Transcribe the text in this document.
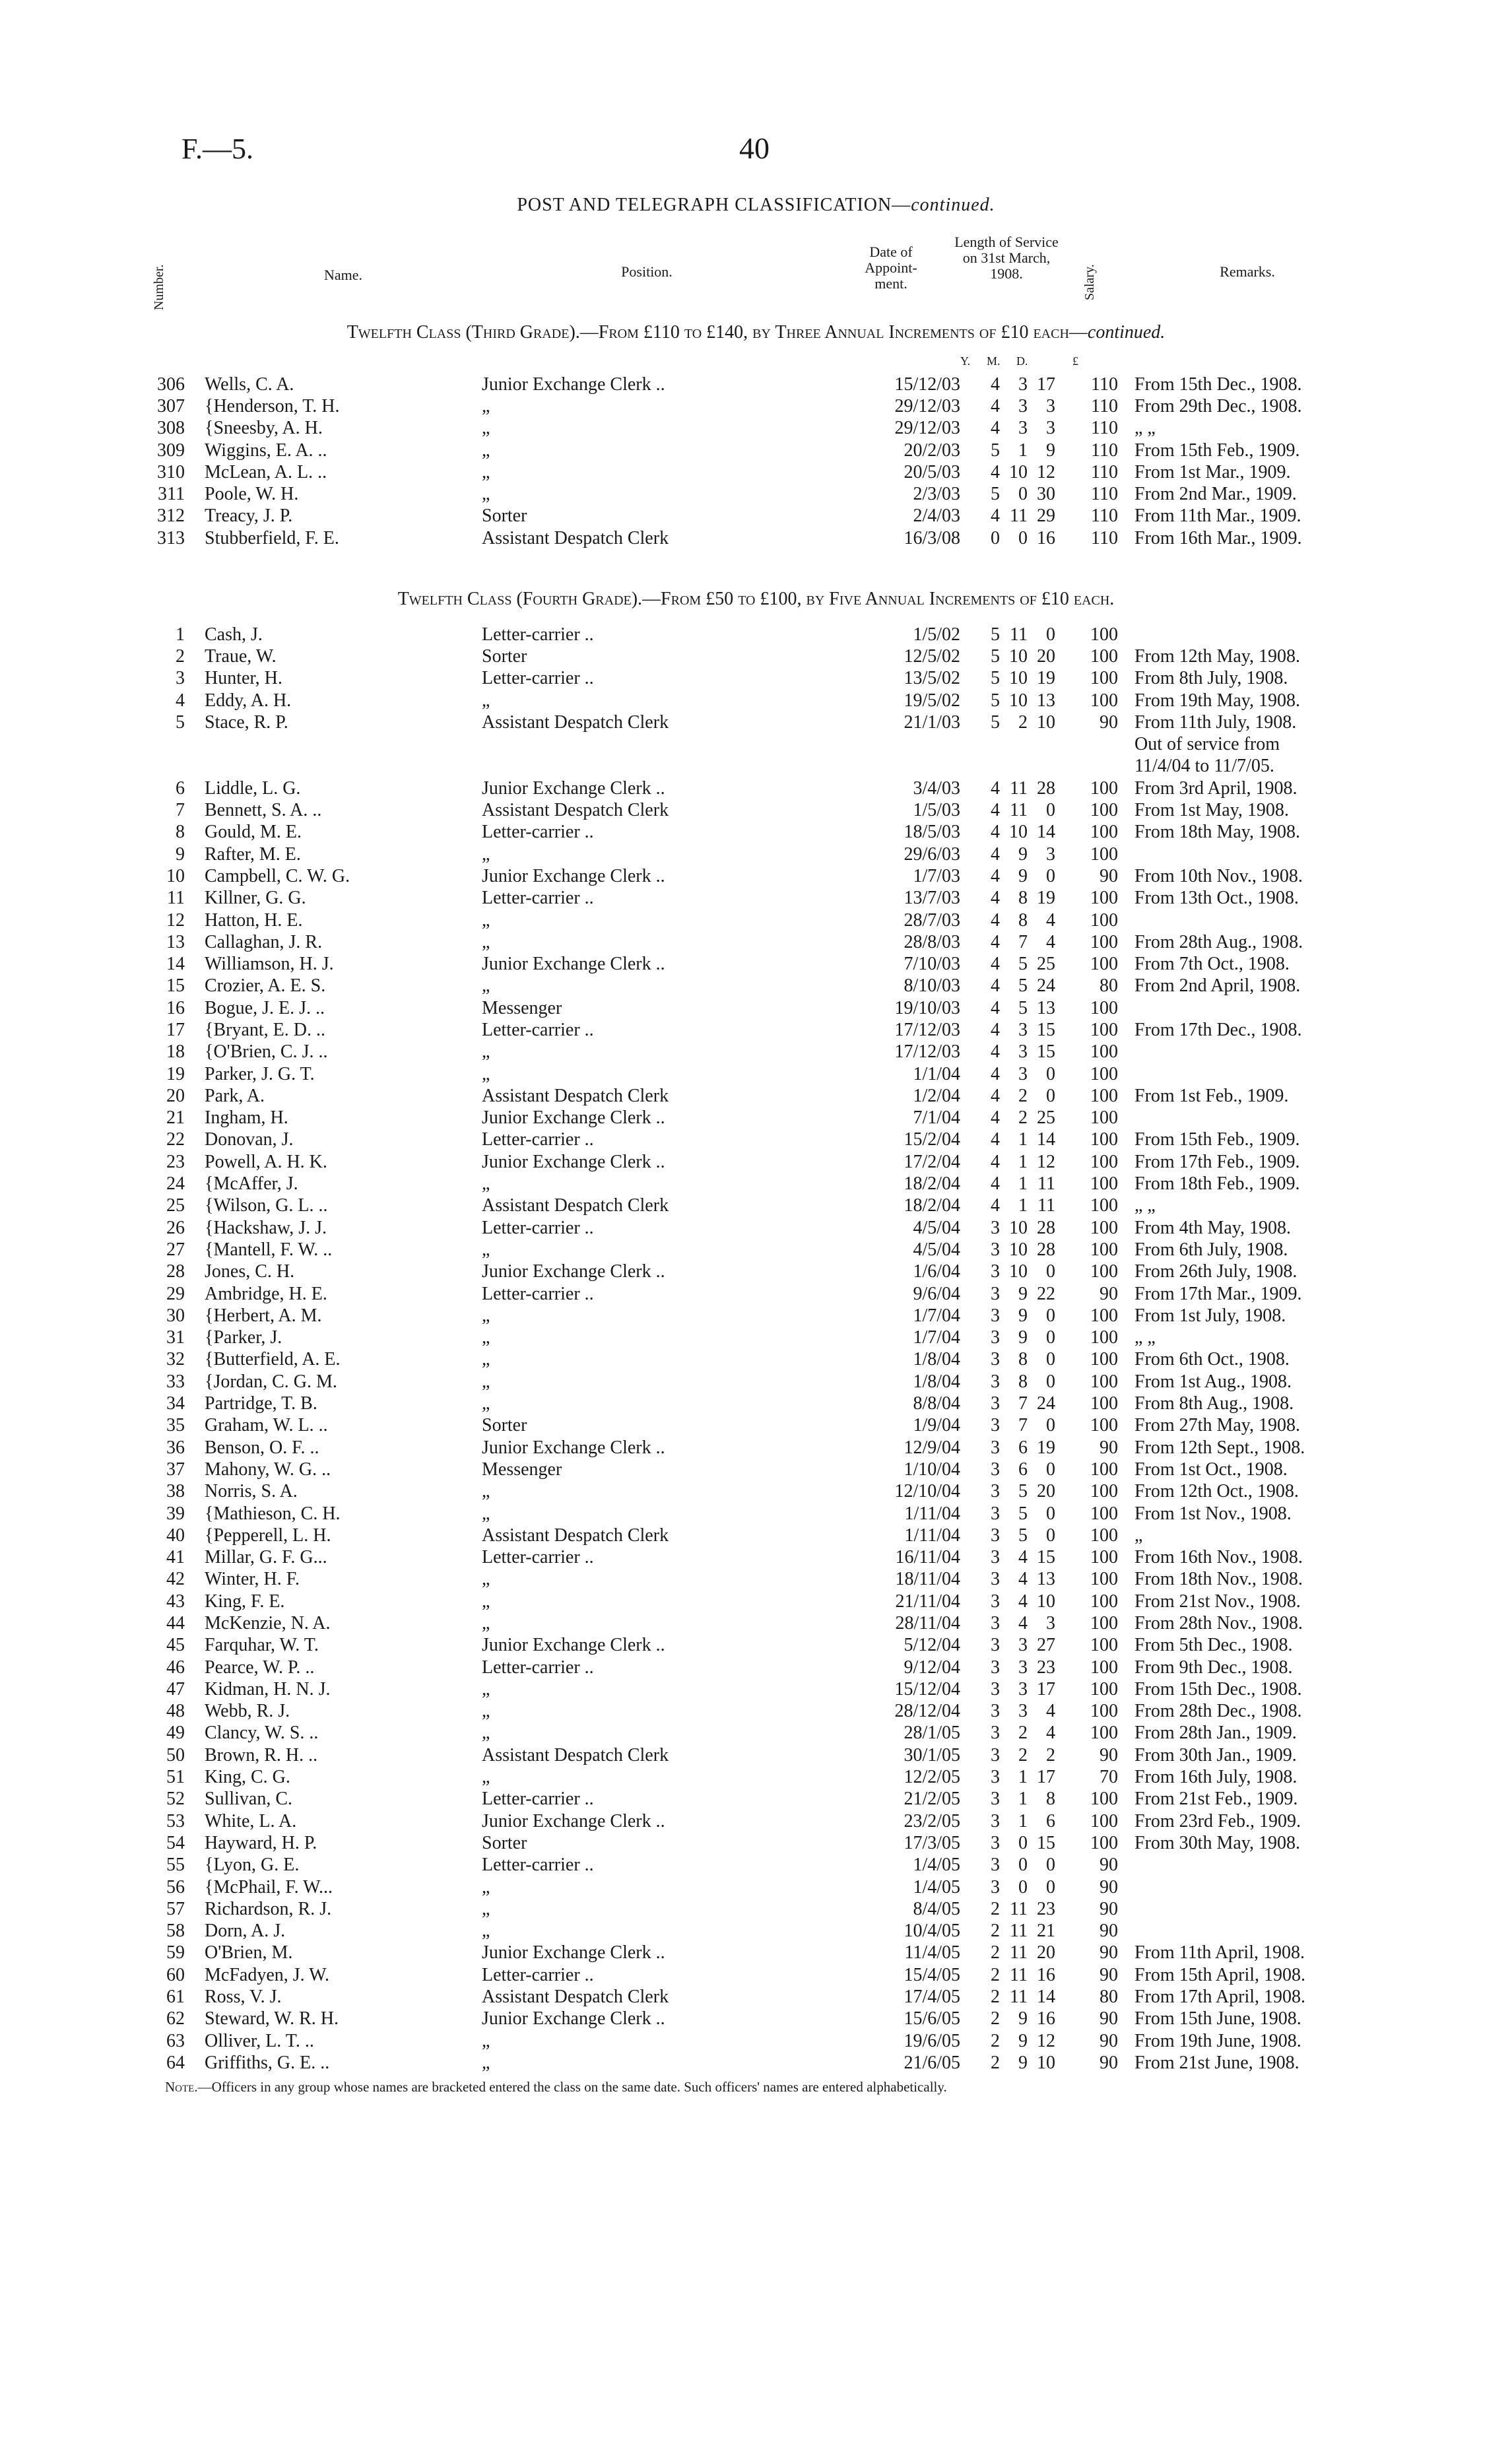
F.—5.	40
POST AND TELEGRAPH CLASSIFICATION—continued.
Number.	Name.	Position.
Date of Appoint-ment.
Length of Service on 31st March, 1908.	Salary.	Remarks.
Twelfth Class (Third Grade).—From £110 to £140, by Three Annual Increments of £10 each—continued.
Y. M. D.	£
306	Wells, C. A.	Junior Exchange Clerk ..	15/12/03	4	3	17	110	From 15th Dec., 1908.
307	{Henderson, T. H.	„	29/12/03	4	3	3	110	From 29th Dec., 1908.
308	{Sneesby, A. H.	„	29/12/03	4	3	3	110	„ „
309	Wiggins, E. A. ..	„	20/2/03	5	1	9	110	From 15th Feb., 1909.
310	McLean, A. L. ..	„	20/5/03	4	10	12	110	From 1st Mar., 1909.
311	Poole, W. H.	„	2/3/03	5	0	30	110	From 2nd Mar., 1909.
312	Treacy, J. P.	Sorter	2/4/03	4	11	29	110	From 11th Mar., 1909.
313	Stubberfield, F. E.	Assistant Despatch Clerk	16/3/08	0	0	16	110	From 16th Mar., 1909.
Twelfth Class (Fourth Grade).—From £50 to £100, by Five Annual Increments of £10 each.
1	Cash, J.	Letter-carrier ..	1/5/02	5	11	0	100	
2	Traue, W.	Sorter	12/5/02	5	10	20	100	From 12th May, 1908.
3	Hunter, H.	Letter-carrier ..	13/5/02	5	10	19	100	From 8th July, 1908.
4	Eddy, A. H.	„	19/5/02	5	10	13	100	From 19th May, 1908.
5	Stace, R. P.	Assistant Despatch Clerk	21/1/03	5	2	10	90	From 11th July, 1908.
								Out of service from
								11/4/04 to 11/7/05.
6	Liddle, L. G.	Junior Exchange Clerk ..	3/4/03	4	11	28	100	From 3rd April, 1908.
7	Bennett, S. A. ..	Assistant Despatch Clerk	1/5/03	4	11	0	100	From 1st May, 1908.
8	Gould, M. E.	Letter-carrier ..	18/5/03	4	10	14	100	From 18th May, 1908.
9	Rafter, M. E.	„	29/6/03	4	9	3	100	
10	Campbell, C. W. G.	Junior Exchange Clerk ..	1/7/03	4	9	0	90	From 10th Nov., 1908.
11	Killner, G. G.	Letter-carrier ..	13/7/03	4	8	19	100	From 13th Oct., 1908.
12	Hatton, H. E.	„	28/7/03	4	8	4	100	
13	Callaghan, J. R.	„	28/8/03	4	7	4	100	From 28th Aug., 1908.
14	Williamson, H. J.	Junior Exchange Clerk ..	7/10/03	4	5	25	100	From 7th Oct., 1908.
15	Crozier, A. E. S.	„	8/10/03	4	5	24	80	From 2nd April, 1908.
16	Bogue, J. E. J. ..	Messenger	19/10/03	4	5	13	100	
17	{Bryant, E. D. ..	Letter-carrier ..	17/12/03	4	3	15	100	From 17th Dec., 1908.
18	{O'Brien, C. J. ..	„	17/12/03	4	3	15	100	
19	Parker, J. G. T.	„	1/1/04	4	3	0	100	
20	Park, A.	Assistant Despatch Clerk	1/2/04	4	2	0	100	From 1st Feb., 1909.
21	Ingham, H.	Junior Exchange Clerk ..	7/1/04	4	2	25	100	
22	Donovan, J.	Letter-carrier ..	15/2/04	4	1	14	100	From 15th Feb., 1909.
23	Powell, A. H. K.	Junior Exchange Clerk ..	17/2/04	4	1	12	100	From 17th Feb., 1909.
24	{McAffer, J.	„	18/2/04	4	1	11	100	From 18th Feb., 1909.
25	{Wilson, G. L. ..	Assistant Despatch Clerk	18/2/04	4	1	11	100	„ „
26	{Hackshaw, J. J.	Letter-carrier ..	4/5/04	3	10	28	100	From 4th May, 1908.
27	{Mantell, F. W. ..	„	4/5/04	3	10	28	100	From 6th July, 1908.
28	Jones, C. H.	Junior Exchange Clerk ..	1/6/04	3	10	0	100	From 26th July, 1908.
29	Ambridge, H. E.	Letter-carrier ..	9/6/04	3	9	22	90	From 17th Mar., 1909.
30	{Herbert, A. M.	„	1/7/04	3	9	0	100	From 1st July, 1908.
31	{Parker, J.	„	1/7/04	3	9	0	100	„ „
32	{Butterfield, A. E.	„	1/8/04	3	8	0	100	From 6th Oct., 1908.
33	{Jordan, C. G. M.	„	1/8/04	3	8	0	100	From 1st Aug., 1908.
34	Partridge, T. B.	„	8/8/04	3	7	24	100	From 8th Aug., 1908.
35	Graham, W. L. ..	Sorter	1/9/04	3	7	0	100	From 27th May, 1908.
36	Benson, O. F. ..	Junior Exchange Clerk ..	12/9/04	3	6	19	90	From 12th Sept., 1908.
37	Mahony, W. G. ..	Messenger	1/10/04	3	6	0	100	From 1st Oct., 1908.
38	Norris, S. A.	„	12/10/04	3	5	20	100	From 12th Oct., 1908.
39	{Mathieson, C. H.	„	1/11/04	3	5	0	100	From 1st Nov., 1908.
40	{Pepperell, L. H.	Assistant Despatch Clerk	1/11/04	3	5	0	100	„
41	Millar, G. F. G...	Letter-carrier ..	16/11/04	3	4	15	100	From 16th Nov., 1908.
42	Winter, H. F.	„	18/11/04	3	4	13	100	From 18th Nov., 1908.
43	King, F. E.	„	21/11/04	3	4	10	100	From 21st Nov., 1908.
44	McKenzie, N. A.	„	28/11/04	3	4	3	100	From 28th Nov., 1908.
45	Farquhar, W. T.	Junior Exchange Clerk ..	5/12/04	3	3	27	100	From 5th Dec., 1908.
46	Pearce, W. P. ..	Letter-carrier ..	9/12/04	3	3	23	100	From 9th Dec., 1908.
47	Kidman, H. N. J.	„	15/12/04	3	3	17	100	From 15th Dec., 1908.
48	Webb, R. J.	„	28/12/04	3	3	4	100	From 28th Dec., 1908.
49	Clancy, W. S. ..	„	28/1/05	3	2	4	100	From 28th Jan., 1909.
50	Brown, R. H. ..	Assistant Despatch Clerk	30/1/05	3	2	2	90	From 30th Jan., 1909.
51	King, C. G.	„	12/2/05	3	1	17	70	From 16th July, 1908.
52	Sullivan, C.	Letter-carrier ..	21/2/05	3	1	8	100	From 21st Feb., 1909.
53	White, L. A.	Junior Exchange Clerk ..	23/2/05	3	1	6	100	From 23rd Feb., 1909.
54	Hayward, H. P.	Sorter	17/3/05	3	0	15	100	From 30th May, 1908.
55	{Lyon, G. E.	Letter-carrier ..	1/4/05	3	0	0	90	
56	{McPhail, F. W...	„	1/4/05	3	0	0	90	
57	Richardson, R. J.	„	8/4/05	2	11	23	90	
58	Dorn, A. J.	„	10/4/05	2	11	21	90	
59	O'Brien, M.	Junior Exchange Clerk ..	11/4/05	2	11	20	90	From 11th April, 1908.
60	McFadyen, J. W.	Letter-carrier ..	15/4/05	2	11	16	90	From 15th April, 1908.
61	Ross, V. J.	Assistant Despatch Clerk	17/4/05	2	11	14	80	From 17th April, 1908.
62	Steward, W. R. H.	Junior Exchange Clerk ..	15/6/05	2	9	16	90	From 15th June, 1908.
63	Olliver, L. T. ..	„	19/6/05	2	9	12	90	From 19th June, 1908.
64	Griffiths, G. E. ..	„	21/6/05	2	9	10	90	From 21st June, 1908.
Note.—Officers in any group whose names are bracketed entered the class on the same date. Such officers' names are entered alphabetically.
